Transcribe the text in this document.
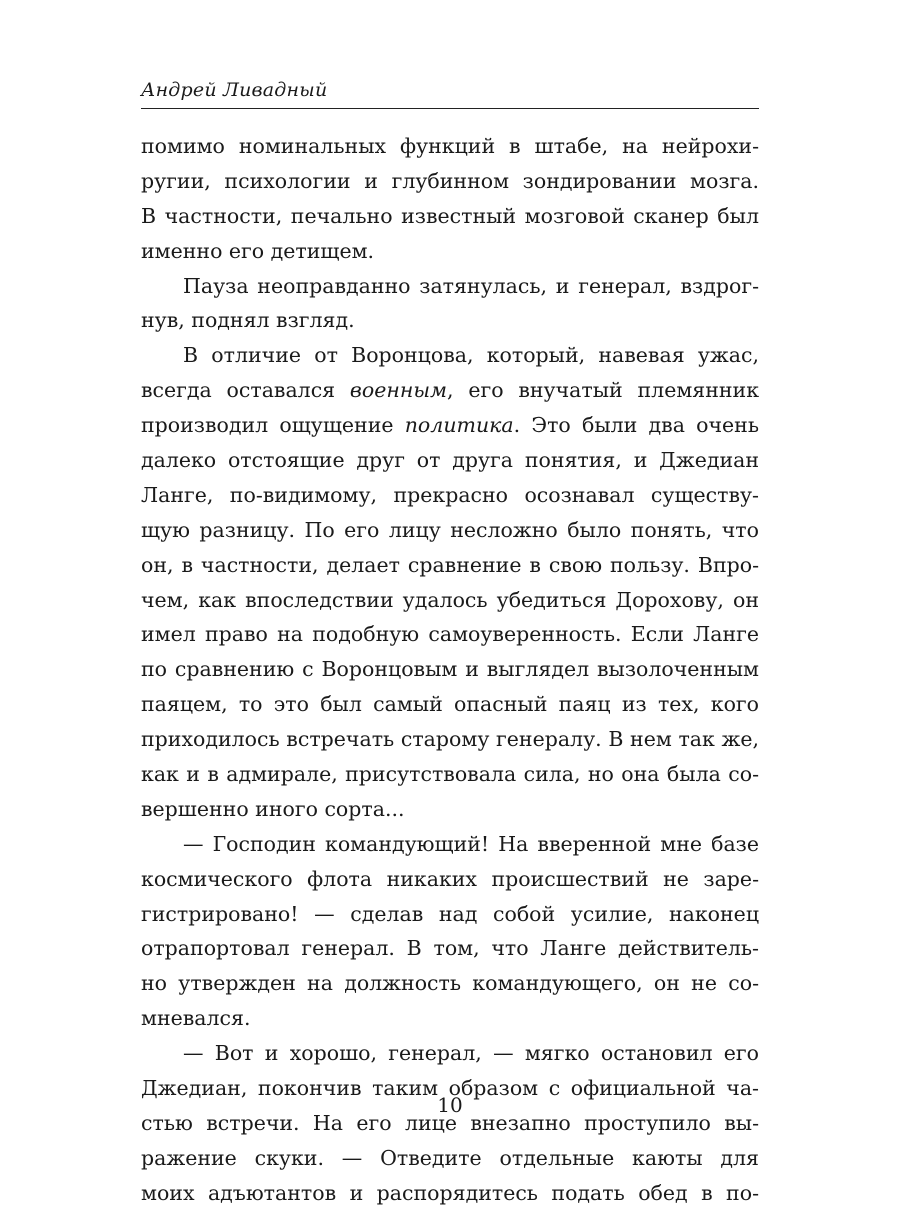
Андрей Ливадный
помимо номинальных функций в штабе, на нейрохи-
ругии, психологии и глубинном зондировании мозга.
В частности, печально известный мозговой сканер был
именно его детищем.
Пауза неоправданно затянулась, и генерал, вздрог-
нув, поднял взгляд.
В отличие от Воронцова, который, навевая ужас,
всегда оставался военным, его внучатый племянник
производил ощущение политика. Это были два очень
далеко отстоящие друг от друга понятия, и Джедиан
Ланге, по-видимому, прекрасно осознавал существу-
щую разницу. По его лицу несложно было понять, что
он, в частности, делает сравнение в свою пользу. Впро-
чем, как впоследствии удалось убедиться Дорохову, он
имел право на подобную самоуверенность. Если Ланге
по сравнению с Воронцовым и выглядел вызолоченным
паяцем, то это был самый опасный паяц из тех, кого
приходилось встречать старому генералу. В нем так же,
как и в адмирале, присутствовала сила, но она была со-
вершенно иного сорта...
— Господин командующий! На вверенной мне базе
космического флота никаких происшествий не заре-
гистрировано! — сделав над собой усилие, наконец
отрапортовал генерал. В том, что Ланге действитель-
но утвержден на должность командующего, он не со-
мневался.
— Вот и хорошо, генерал, — мягко остановил его
Джедиан, покончив таким образом с официальной ча-
стью встречи. На его лице внезапно проступило вы-
ражение скуки. — Отведите отдельные каюты для
моих адъютантов и распорядитесь подать обед в по-
10
